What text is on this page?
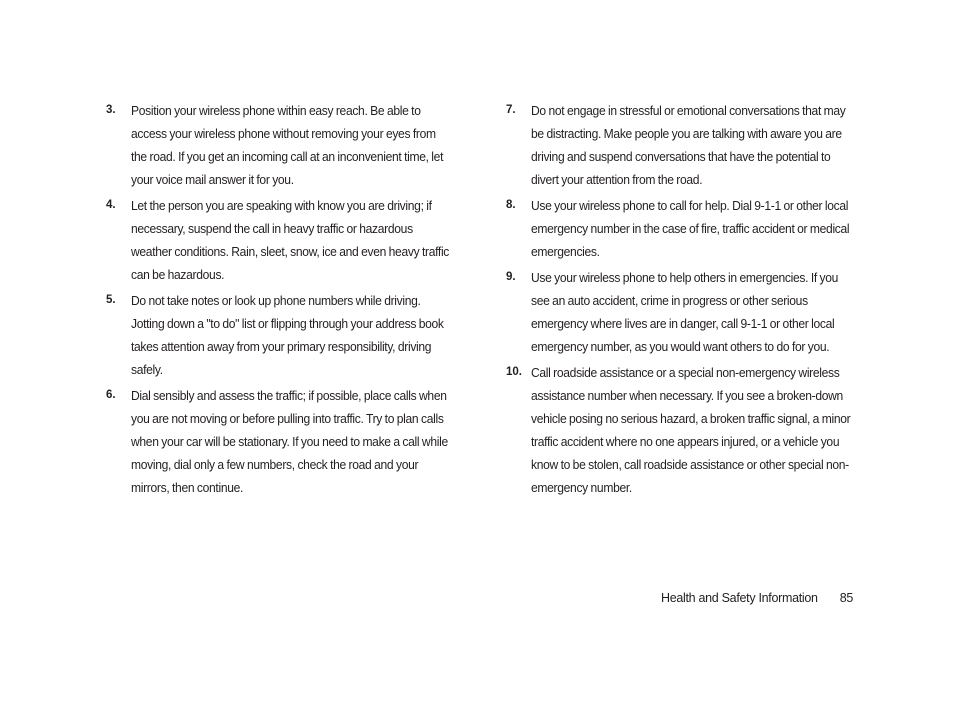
3. Position your wireless phone within easy reach. Be able to access your wireless phone without removing your eyes from the road. If you get an incoming call at an inconvenient time, let your voice mail answer it for you.
4. Let the person you are speaking with know you are driving; if necessary, suspend the call in heavy traffic or hazardous weather conditions. Rain, sleet, snow, ice and even heavy traffic can be hazardous.
5. Do not take notes or look up phone numbers while driving. Jotting down a "to do" list or flipping through your address book takes attention away from your primary responsibility, driving safely.
6. Dial sensibly and assess the traffic; if possible, place calls when you are not moving or before pulling into traffic. Try to plan calls when your car will be stationary. If you need to make a call while moving, dial only a few numbers, check the road and your mirrors, then continue.
7. Do not engage in stressful or emotional conversations that may be distracting. Make people you are talking with aware you are driving and suspend conversations that have the potential to divert your attention from the road.
8. Use your wireless phone to call for help. Dial 9-1-1 or other local emergency number in the case of fire, traffic accident or medical emergencies.
9. Use your wireless phone to help others in emergencies. If you see an auto accident, crime in progress or other serious emergency where lives are in danger, call 9-1-1 or other local emergency number, as you would want others to do for you.
10. Call roadside assistance or a special non-emergency wireless assistance number when necessary. If you see a broken-down vehicle posing no serious hazard, a broken traffic signal, a minor traffic accident where no one appears injured, or a vehicle you know to be stolen, call roadside assistance or other special non-emergency number.
Health and Safety Information 85
